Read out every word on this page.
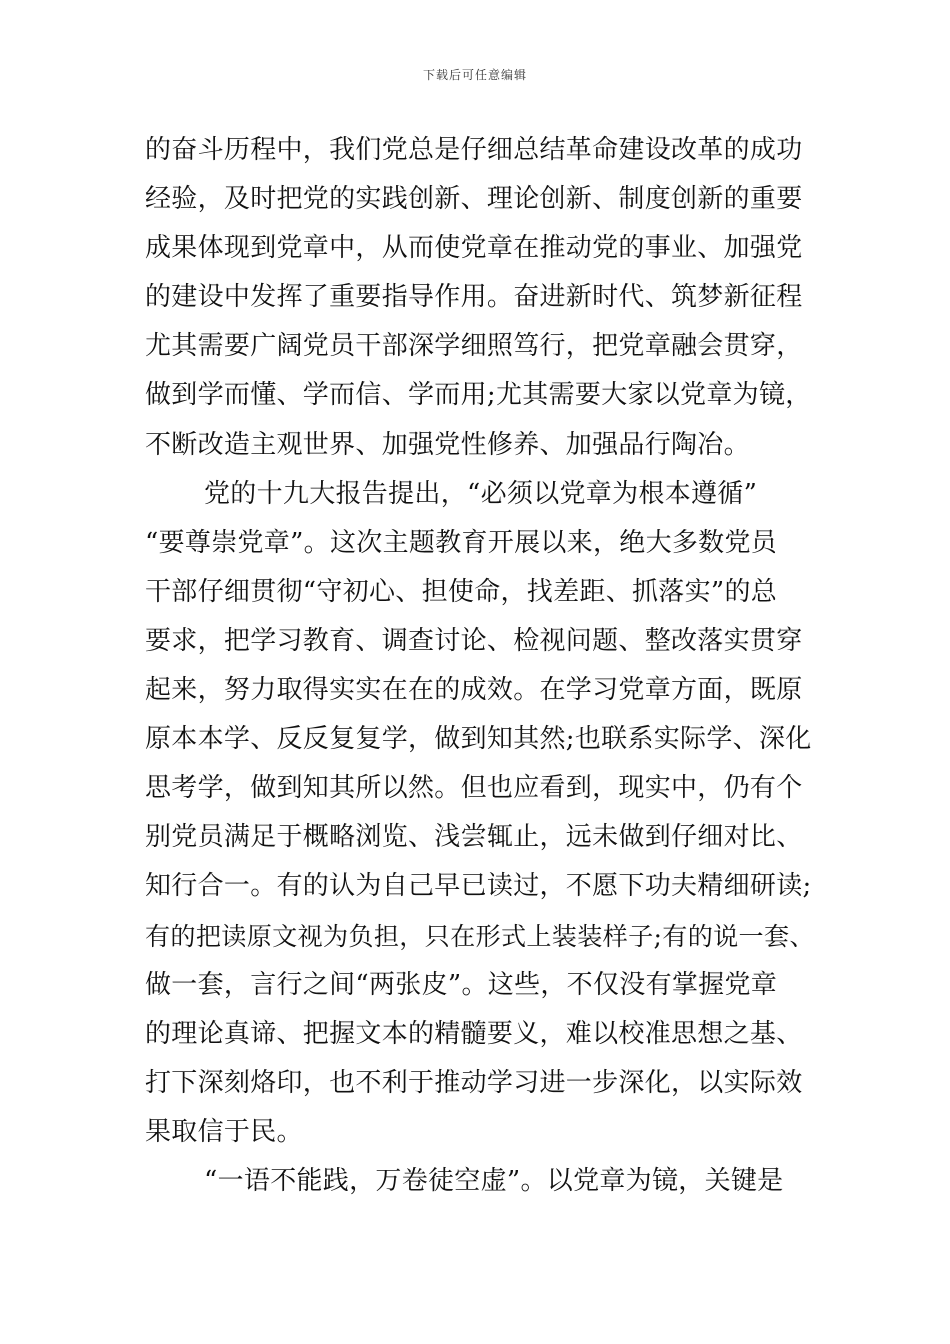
下载后可任意编辑
的奋斗历程中，我们党总是仔细总结革命建设改革的成功
经验，及时把党的实践创新、理论创新、制度创新的重要
成果体现到党章中，从而使党章在推动党的事业、加强党
的建设中发挥了重要指导作用。奋进新时代、筑梦新征程
尤其需要广阔党员干部深学细照笃行，把党章融会贯穿，
做到学而懂、学而信、学而用;尤其需要大家以党章为镜，
不断改造主观世界、加强党性修养、加强品行陶冶。
党的十九大报告提出，“必须以党章为根本遵循”
“要尊崇党章”。这次主题教育开展以来，绝大多数党员
干部仔细贯彻“守初心、担使命，找差距、抓落实”的总
要求，把学习教育、调查讨论、检视问题、整改落实贯穿
起来，努力取得实实在在的成效。在学习党章方面，既原
原本本学、反反复复学，做到知其然;也联系实际学、深化
思考学，做到知其所以然。但也应看到，现实中，仍有个
别党员满足于概略浏览、浅尝辄止，远未做到仔细对比、
知行合一。有的认为自己早已读过，不愿下功夫精细研读;
有的把读原文视为负担，只在形式上装装样子;有的说一套、
做一套，言行之间“两张皮”。这些，不仅没有掌握党章
的理论真谛、把握文本的精髓要义，难以校准思想之基、
打下深刻烙印，也不利于推动学习进一步深化，以实际效
果取信于民。
“一语不能践，万卷徒空虚”。以党章为镜，关键是
